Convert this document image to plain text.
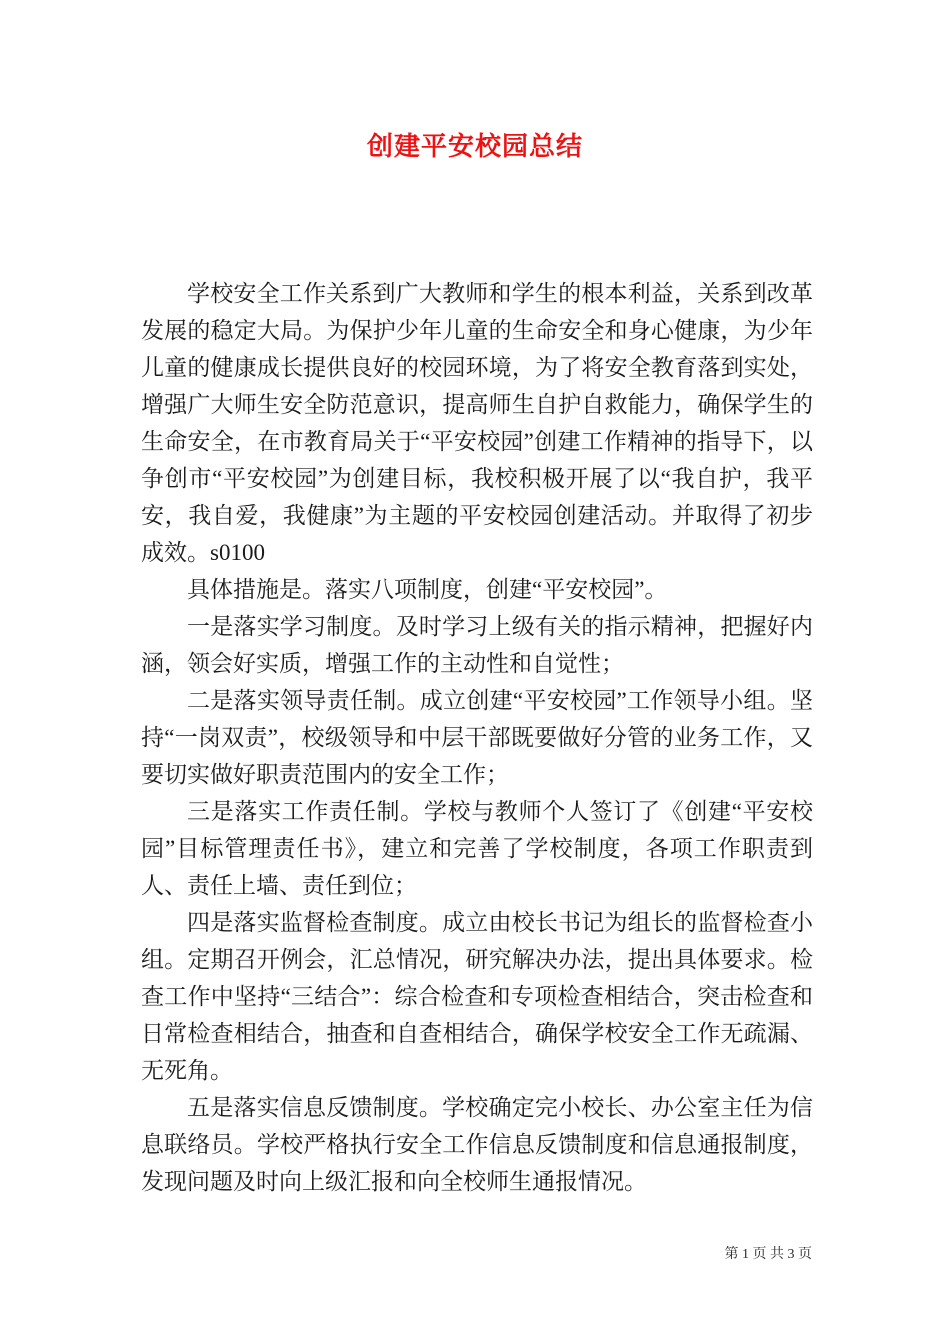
创建平安校园总结

学校安全工作关系到广大教师和学生的根本利益，关系到改革发展的稳定大局。为保护少年儿童的生命安全和身心健康，为少年儿童的健康成长提供良好的校园环境，为了将安全教育落到实处，增强广大师生安全防范意识，提高师生自护自救能力，确保学生的生命安全，在市教育局关于“平安校园”创建工作精神的指导下，以争创市“平安校园”为创建目标，我校积极开展了以“我自护，我平安，我自爱，我健康”为主题的平安校园创建活动。并取得了初步成效。s0100

具体措施是。落实八项制度，创建“平安校园”。

一是落实学习制度。及时学习上级有关的指示精神，把握好内涵，领会好实质，增强工作的主动性和自觉性；

二是落实领导责任制。成立创建“平安校园”工作领导小组。坚持“一岗双责”，校级领导和中层干部既要做好分管的业务工作，又要切实做好职责范围内的安全工作；

三是落实工作责任制。学校与教师个人签订了《创建“平安校园”目标管理责任书》，建立和完善了学校制度，各项工作职责到人、责任上墙、责任到位；

四是落实监督检查制度。成立由校长书记为组长的监督检查小组。定期召开例会，汇总情况，研究解决办法，提出具体要求。检查工作中坚持“三结合”：综合检查和专项检查相结合，突击检查和日常检查相结合，抽查和自查相结合，确保学校安全工作无疏漏、无死角。

五是落实信息反馈制度。学校确定完小校长、办公室主任为信息联络员。学校严格执行安全工作信息反馈制度和信息通报制度，发现问题及时向上级汇报和向全校师生通报情况。

第 1 页 共 3 页
